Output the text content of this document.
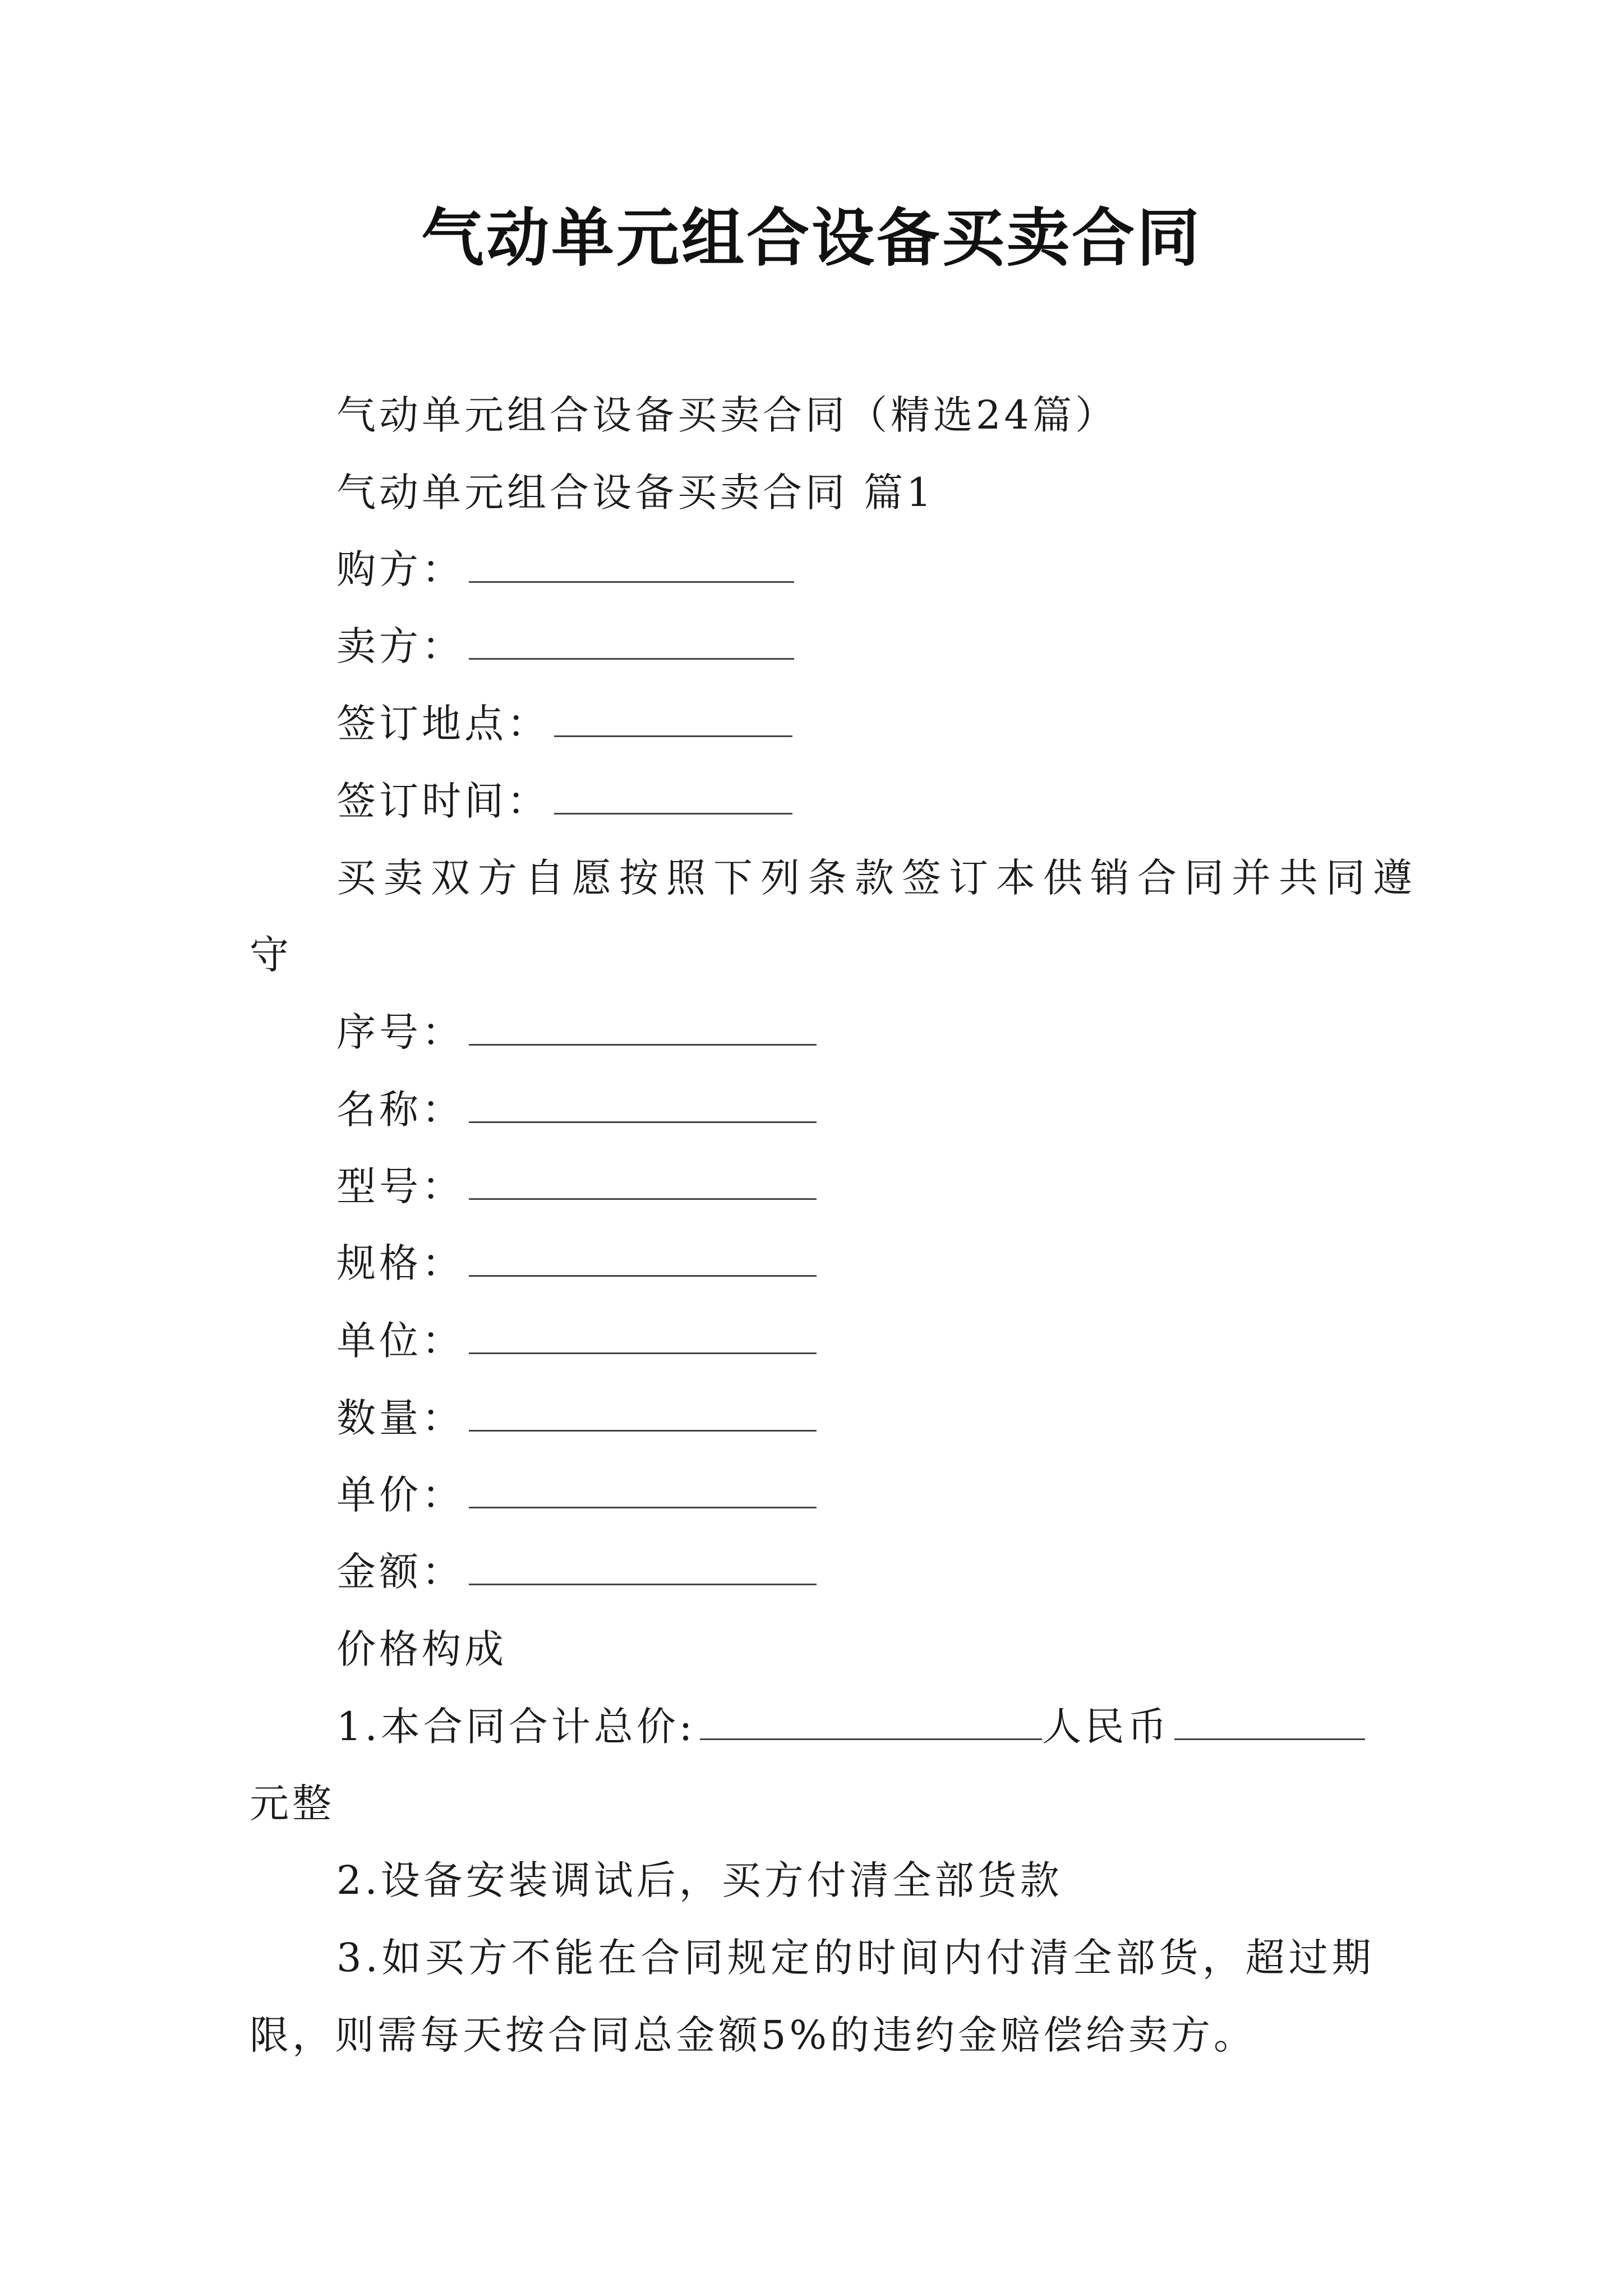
气动单元组合设备买卖合同
气动单元组合设备买卖合同（精选24篇）
气动单元组合设备买卖合同 篇1
购方：
卖方：
签订地点：
签订时间：
买卖双方自愿按照下列条款签订本供销合同并共同遵
守
序号：
名称：
型号：
规格：
单位：
数量：
单价：
金额：
价格构成
1.本合同合计总价:	人民币
元整
2.设备安装调试后，买方付清全部货款
3.如买方不能在合同规定的时间内付清全部货，超过期
限，则需每天按合同总金额5%的违约金赔偿给卖方。
